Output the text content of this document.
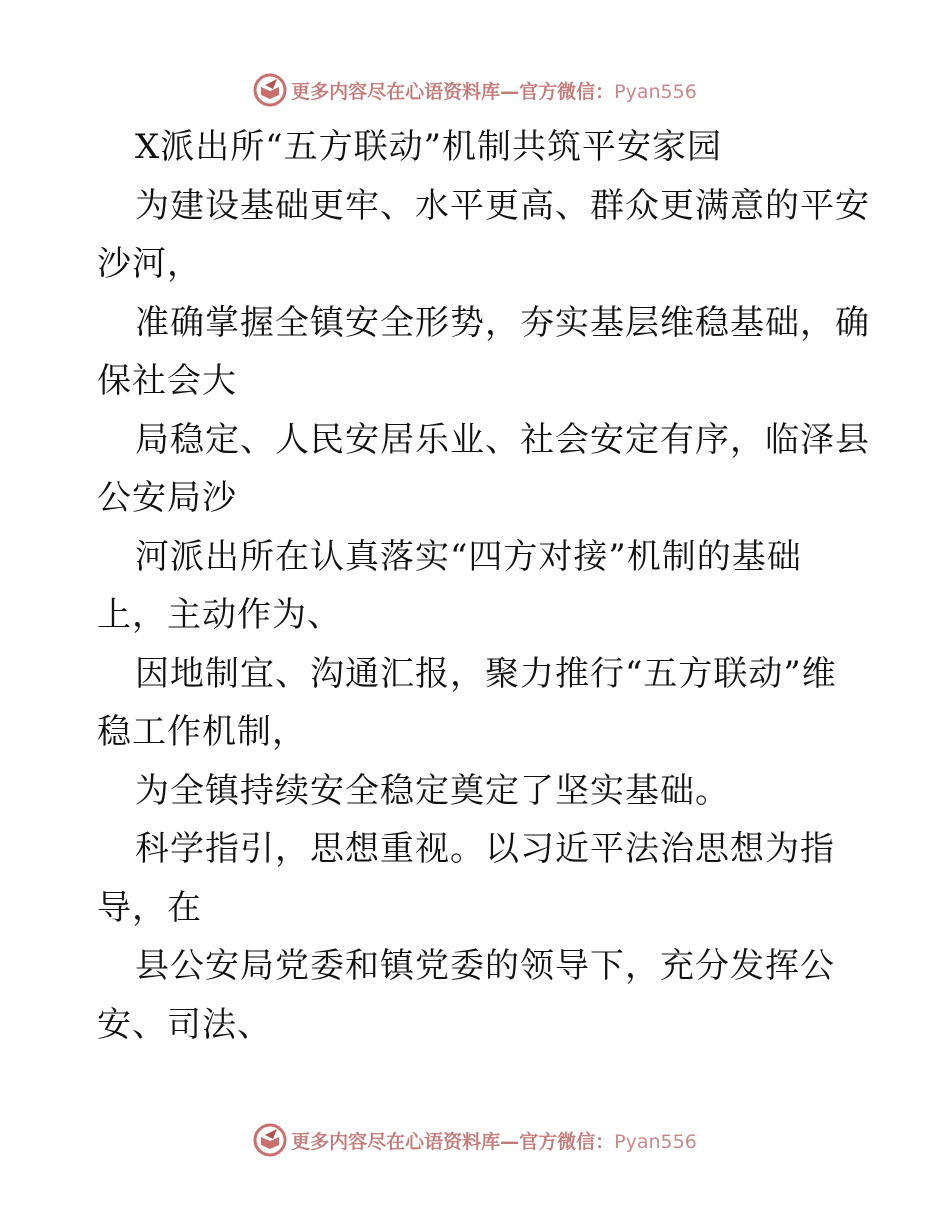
更多内容尽在心语资料库—官方微信：Pyan556
X派出所“五方联动”机制共筑平安家园
为建设基础更牢、水平更高、群众更满意的平安
沙河，
准确掌握全镇安全形势，夯实基层维稳基础，确
保社会大
局稳定、人民安居乐业、社会安定有序，临泽县
公安局沙
河派出所在认真落实“四方对接”机制的基础
上，主动作为、
因地制宜、沟通汇报，聚力推行“五方联动”维
稳工作机制，
为全镇持续安全稳定奠定了坚实基础。
科学指引，思想重视。以习近平法治思想为指
导，在
县公安局党委和镇党委的领导下，充分发挥公
安、司法、
更多内容尽在心语资料库—官方微信：Pyan556
